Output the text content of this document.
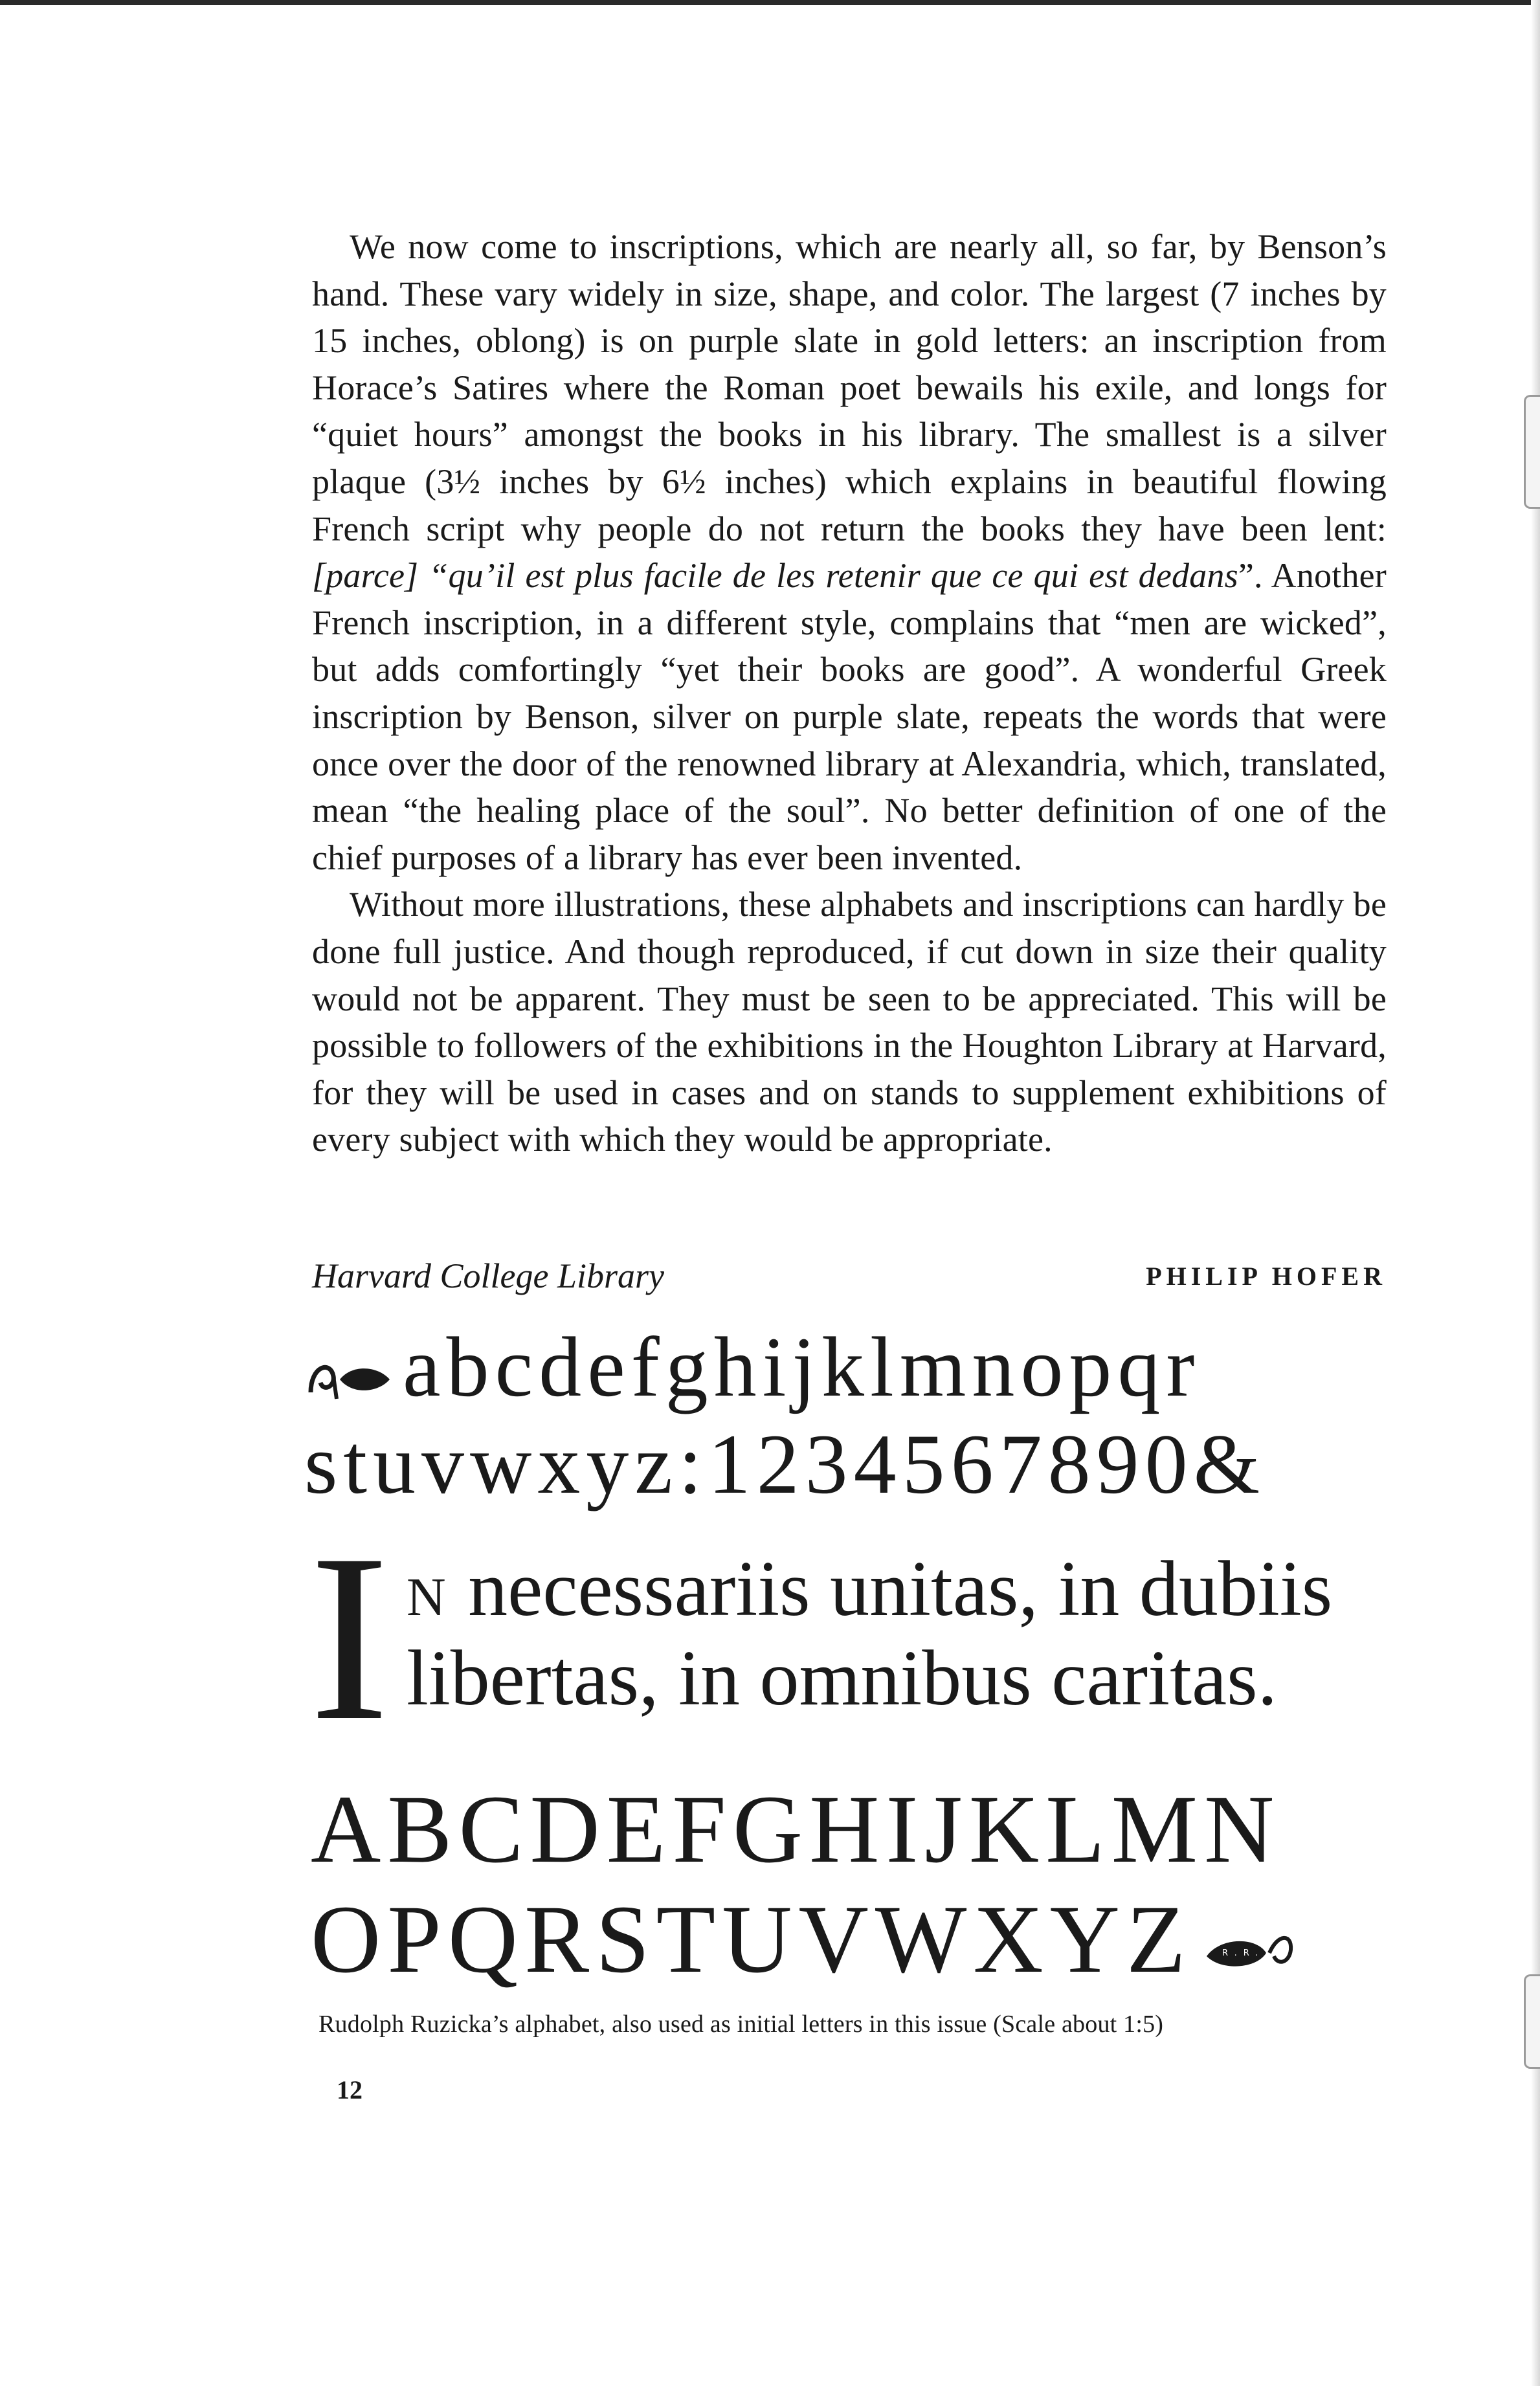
We now come to inscriptions, which are nearly all, so far, by Benson’s hand. These vary widely in size, shape, and color. The largest (7 inches by 15 inches, oblong) is on purple slate in gold letters: an inscription from Horace’s Satires where the Roman poet bewails his exile, and longs for “quiet hours” amongst the books in his library. The smallest is a silver plaque (3½ inches by 6½ inches) which explains in beautiful flowing French script why people do not return the books they have been lent: [parce] “qu’il est plus facile de les retenir que ce qui est dedans”. Another French inscription, in a different style, complains that “men are wicked”, but adds comfortingly “yet their books are good”. A wonderful Greek inscription by Benson, silver on purple slate, repeats the words that were once over the door of the renowned library at Alexandria, which, translated, mean “the healing place of the soul”. No better definition of one of the chief purposes of a library has ever been invented.

Without more illustrations, these alphabets and inscriptions can hardly be done full justice. And though reproduced, if cut down in size their quality would not be apparent. They must be seen to be appreciated. This will be possible to followers of the exhibitions in the Houghton Library at Harvard, for they will be used in cases and on stands to supplement exhibitions of every subject with which they would be appropriate.

Harvard College Library	PHILIP HOFER
abcdefghijklmnopqr
stuvwxyz:1234567890&
I N necessariis unitas, in dubiis
libertas, in omnibus caritas.
ABCDEFGHIJKLMN
OPQRSTUVWXYZ	R.R. 1950
Rudolph Ruzicka’s alphabet, also used as initial letters in this issue (Scale about 1:5)
12
